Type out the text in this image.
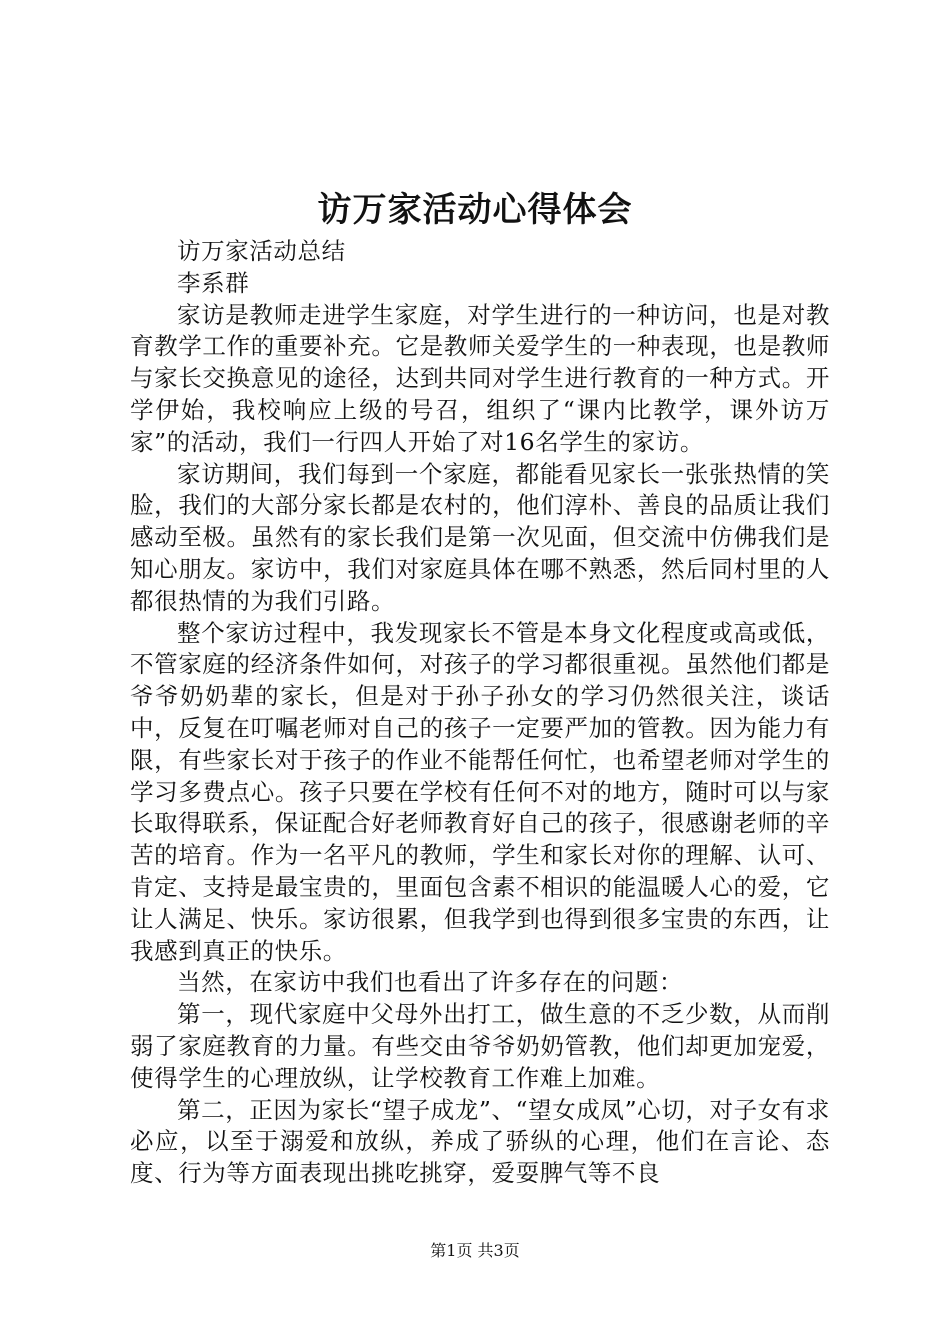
访万家活动心得体会

访万家活动总结

李系群

家访是教师走进学生家庭，对学生进行的一种访问，也是对教育教学工作的重要补充。它是教师关爱学生的一种表现，也是教师与家长交换意见的途径，达到共同对学生进行教育的一种方式。开学伊始，我校响应上级的号召，组织了“课内比教学，课外访万家”的活动，我们一行四人开始了对16名学生的家访。

家访期间，我们每到一个家庭，都能看见家长一张张热情的笑脸，我们的大部分家长都是农村的，他们淳朴、善良的品质让我们感动至极。虽然有的家长我们是第一次见面，但交流中仿佛我们是知心朋友。家访中，我们对家庭具体在哪不熟悉，然后同村里的人都很热情的为我们引路。

整个家访过程中，我发现家长不管是本身文化程度或高或低，不管家庭的经济条件如何，对孩子的学习都很重视。虽然他们都是爷爷奶奶辈的家长，但是对于孙子孙女的学习仍然很关注，谈话中，反复在叮嘱老师对自己的孩子一定要严加的管教。因为能力有限，有些家长对于孩子的作业不能帮任何忙，也希望老师对学生的学习多费点心。孩子只要在学校有任何不对的地方，随时可以与家长取得联系，保证配合好老师教育好自己的孩子，很感谢老师的辛苦的培育。作为一名平凡的教师，学生和家长对你的理解、认可、肯定、支持是最宝贵的，里面包含素不相识的能温暖人心的爱，它让人满足、快乐。家访很累，但我学到也得到很多宝贵的东西，让我感到真正的快乐。

当然，在家访中我们也看出了许多存在的问题：

第一，现代家庭中父母外出打工，做生意的不乏少数，从而削弱了家庭教育的力量。有些交由爷爷奶奶管教，他们却更加宠爱，使得学生的心理放纵，让学校教育工作难上加难。

第二，正因为家长“望子成龙”、“望女成凤”心切，对子女有求必应，以至于溺爱和放纵，养成了骄纵的心理，他们在言论、态度、行为等方面表现出挑吃挑穿，爱耍脾气等不良

第1页 共3页
